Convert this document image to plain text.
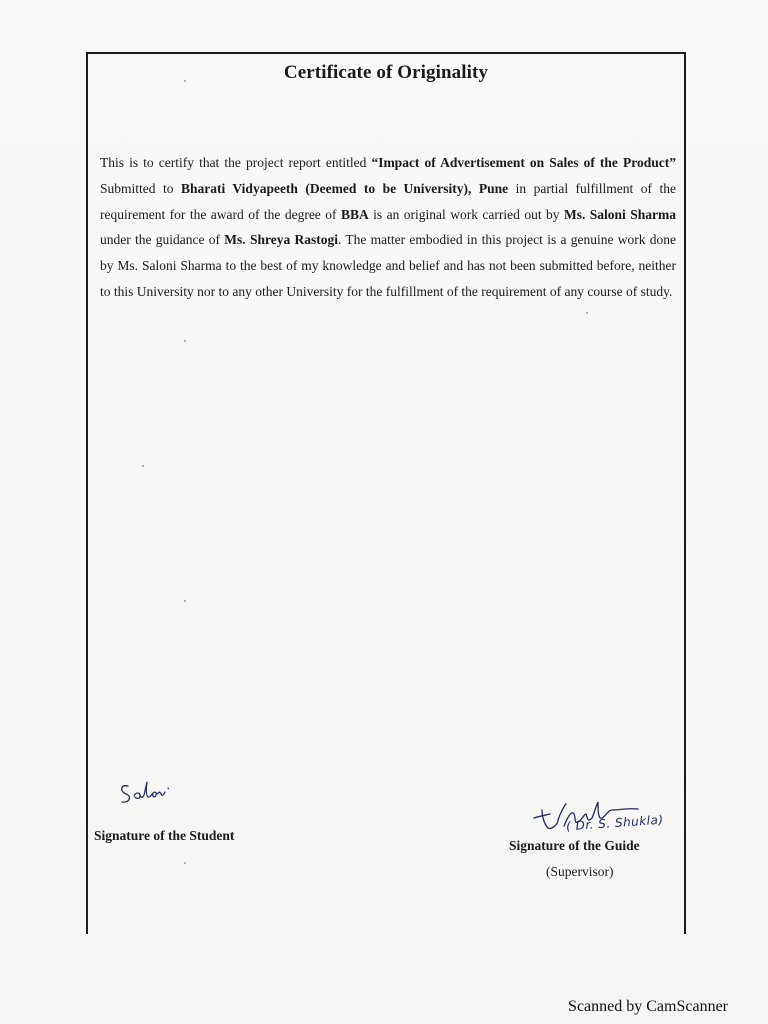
Certificate of Originality
This is to certify that the project report entitled “Impact of Advertisement on Sales of the Product” Submitted to Bharati Vidyapeeth (Deemed to be University), Pune in partial fulfillment of the requirement for the award of the degree of BBA is an original work carried out by Ms. Saloni Sharma under the guidance of Ms. Shreya Rastogi. The matter embodied in this project is a genuine work done by Ms. Saloni Sharma to the best of my knowledge and belief and has not been submitted before, neither to this University nor to any other University for the fulfillment of the requirement of any course of study.
( Dr. S. Shukla)
Signature of the Student
Signature of the Guide
(Supervisor)
Scanned by CamScanner
